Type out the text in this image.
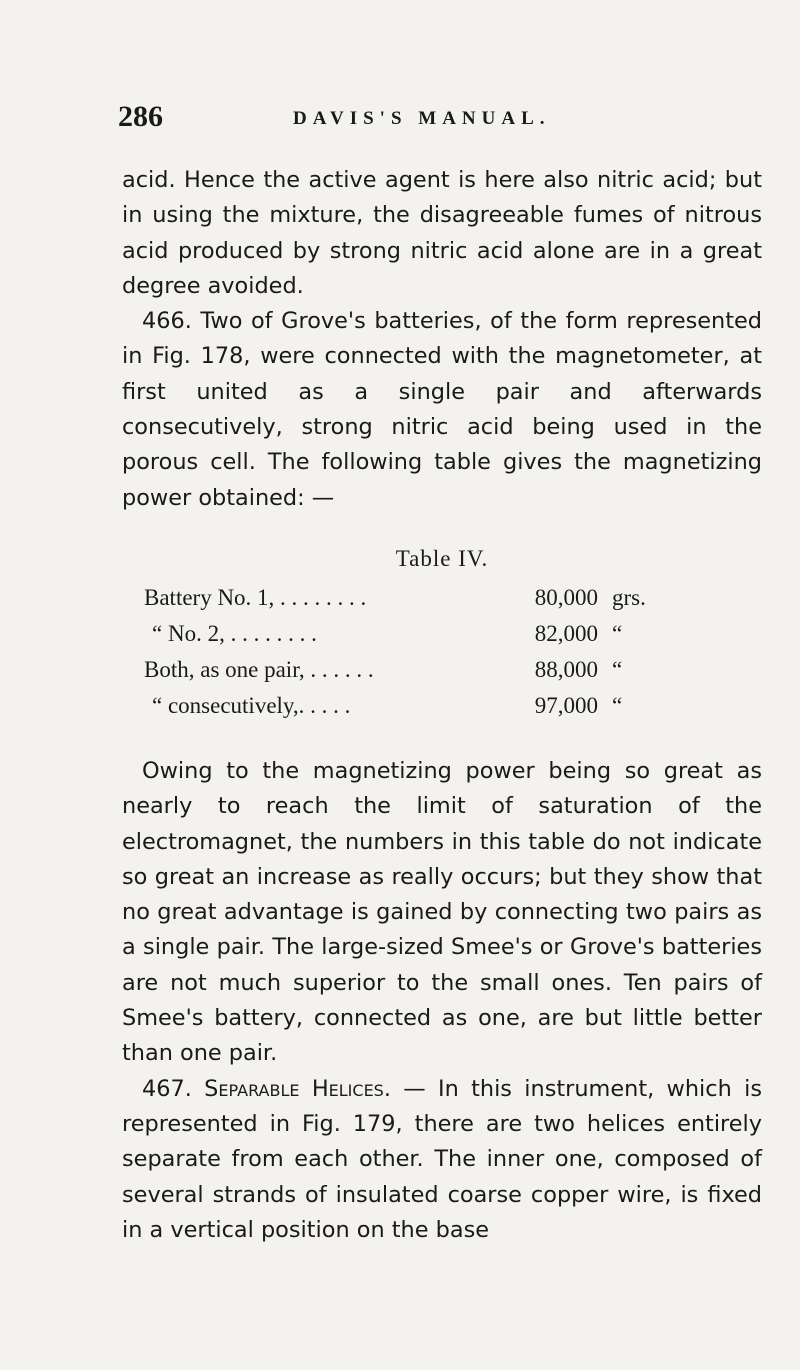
286	DAVIS'S MANUAL.

acid. Hence the active agent is here also nitric acid; but in using the mixture, the disagreeable fumes of nitrous acid produced by strong nitric acid alone are in a great degree avoided.

466. Two of Grove's batteries, of the form represented in Fig. 178, were connected with the magnetometer, at first united as a single pair and afterwards consecutively, strong nitric acid being used in the porous cell. The following table gives the magnetizing power obtained: —

Table IV.
Battery No. 1, . . . . . . . .	80,000	grs.
“ No. 2, . . . . . . . .	82,000	“
Both, as one pair, . . . . . .	88,000	“
“ consecutively,. . . . .	97,000	“

Owing to the magnetizing power being so great as nearly to reach the limit of saturation of the electromagnet, the numbers in this table do not indicate so great an increase as really occurs; but they show that no great advantage is gained by connecting two pairs as a single pair. The large-sized Smee's or Grove's batteries are not much superior to the small ones. Ten pairs of Smee's battery, connected as one, are but little better than one pair.

467. Separable Helices. — In this instrument, which is represented in Fig. 179, there are two helices entirely separate from each other. The inner one, composed of several strands of insulated coarse copper wire, is fixed in a vertical position on the base
